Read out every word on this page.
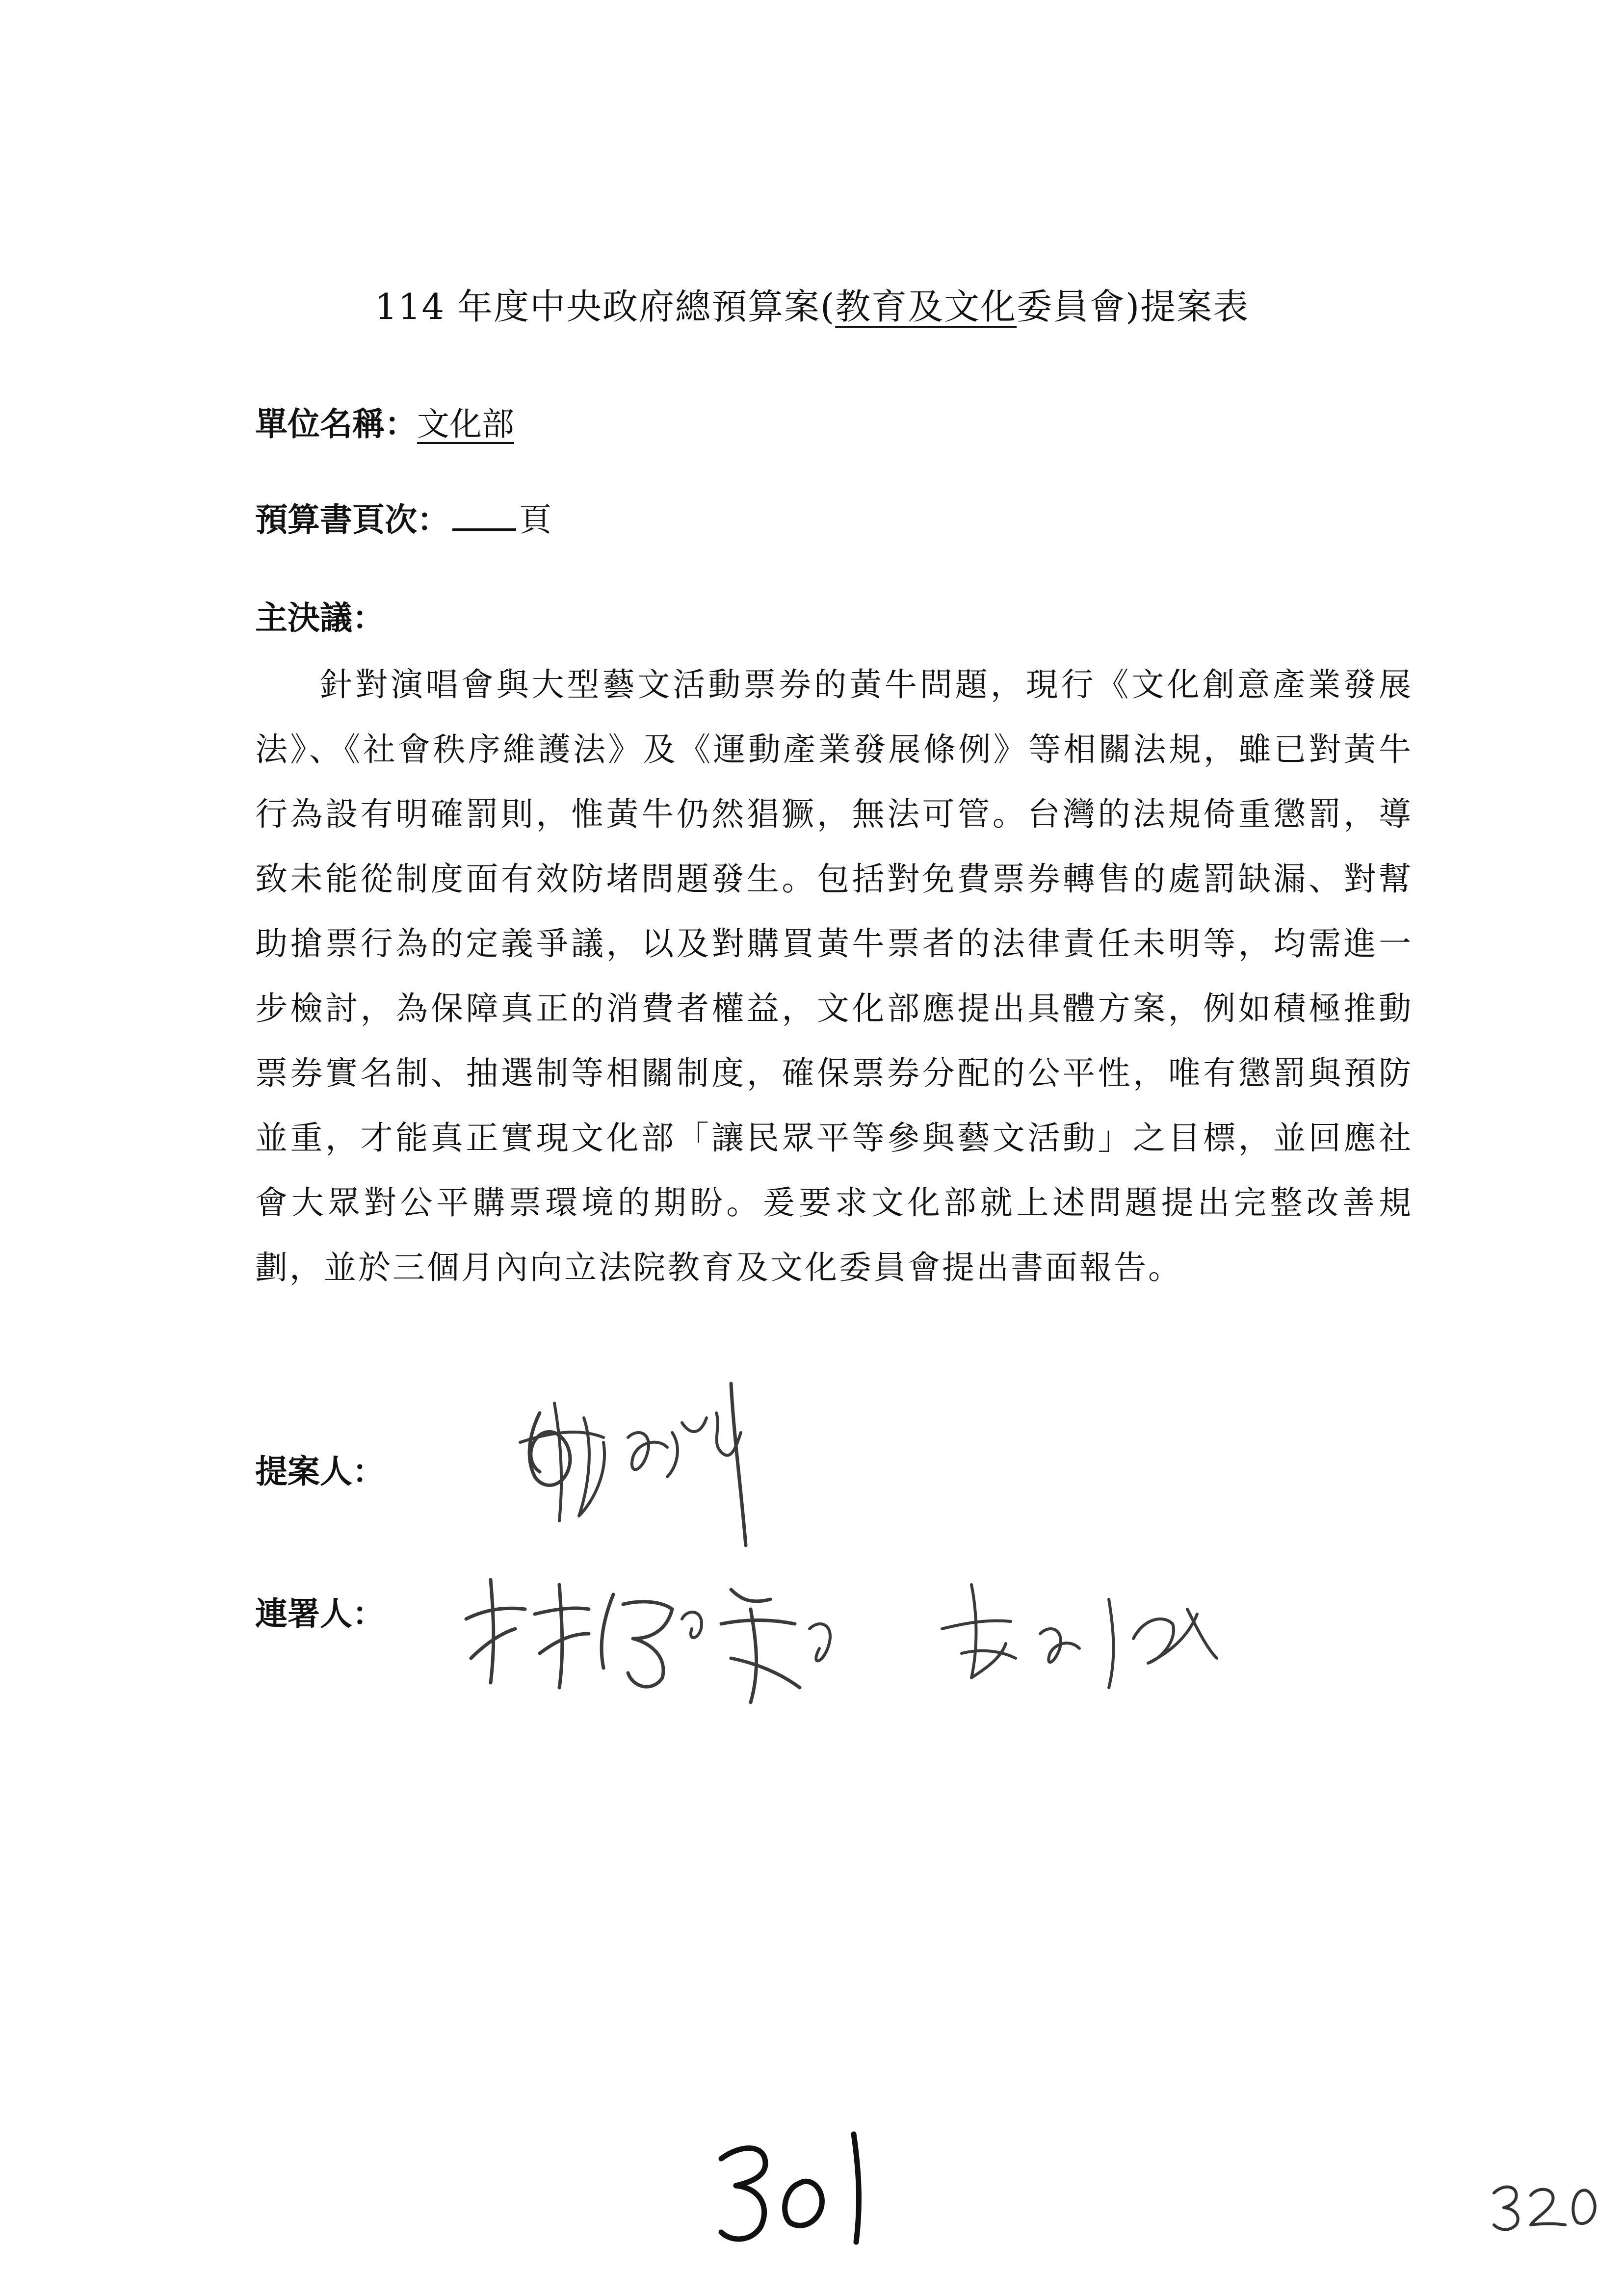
114 年度中央政府總預算案(教育及文化委員會)提案表
單位名稱：文化部
預算書頁次： 頁
主決議：
針對演唱會與大型藝文活動票券的黃牛問題，現行《文化創意產業發展法》、《社會秩序維護法》及《運動產業發展條例》等相關法規，雖已對黃牛行為設有明確罰則，惟黃牛仍然猖獗，無法可管。台灣的法規倚重懲罰，導致未能從制度面有效防堵問題發生。包括對免費票券轉售的處罰缺漏、對幫助搶票行為的定義爭議，以及對購買黃牛票者的法律責任未明等，均需進一步檢討，為保障真正的消費者權益，文化部應提出具體方案，例如積極推動票券實名制、抽選制等相關制度，確保票券分配的公平性，唯有懲罰與預防並重，才能真正實現文化部「讓民眾平等參與藝文活動」之目標，並回應社會大眾對公平購票環境的期盼。爰要求文化部就上述問題提出完整改善規劃，並於三個月內向立法院教育及文化委員會提出書面報告。
提案人：
連署人：
301
320
